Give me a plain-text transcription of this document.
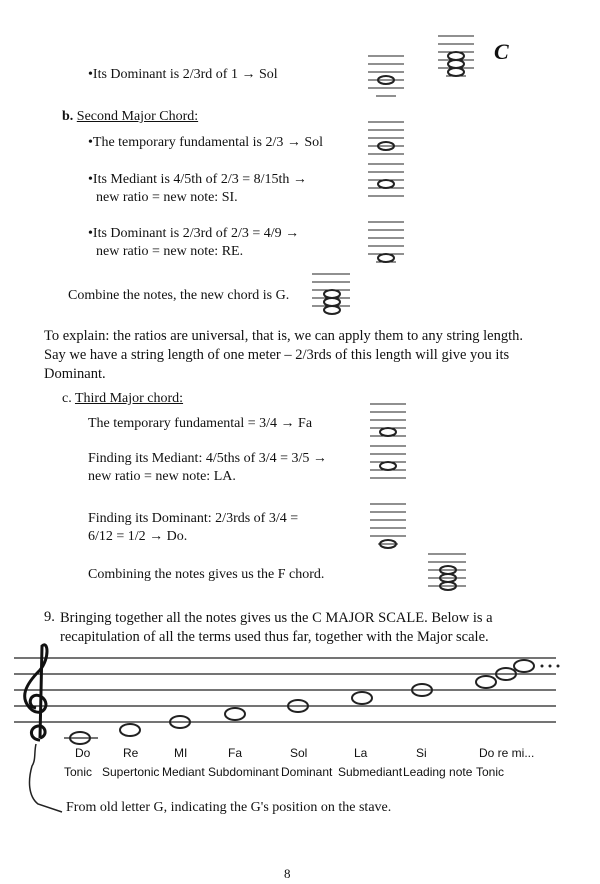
•Its Dominant is 2/3rd of 1 → Sol
C
b. Second Major Chord:
•The temporary fundamental is 2/3 → Sol
•Its Mediant is 4/5th of 2/3 = 8/15th →
new ratio = new note: SI.
•Its Dominant is 2/3rd of 2/3 = 4/9 →
new ratio = new note: RE.
Combine the notes, the new chord is G.
To explain: the ratios are universal, that is, we can apply them to any string length.
Say we have a string length of one meter – 2/3rds of this length will give you its
Dominant.
c. Third Major chord:
The temporary fundamental = 3/4 → Fa
Finding its Mediant: 4/5ths of 3/4 = 3/5 →
new ratio = new note: LA.
Finding its Dominant: 2/3rds of 3/4 =
6/12 = 1/2 → Do.
Combining the notes gives us the F chord.
9. Bringing together all the notes gives us the C MAJOR SCALE. Below is a
recapitulation of all the terms used thus far, together with the Major scale.
Do	Re	MI	Fa	Sol	La	Si	Do re mi...
Tonic Supertonic Mediant Subdominant Dominant Submediant Leading note Tonic
From old letter G, indicating the G's position on the stave.
8
